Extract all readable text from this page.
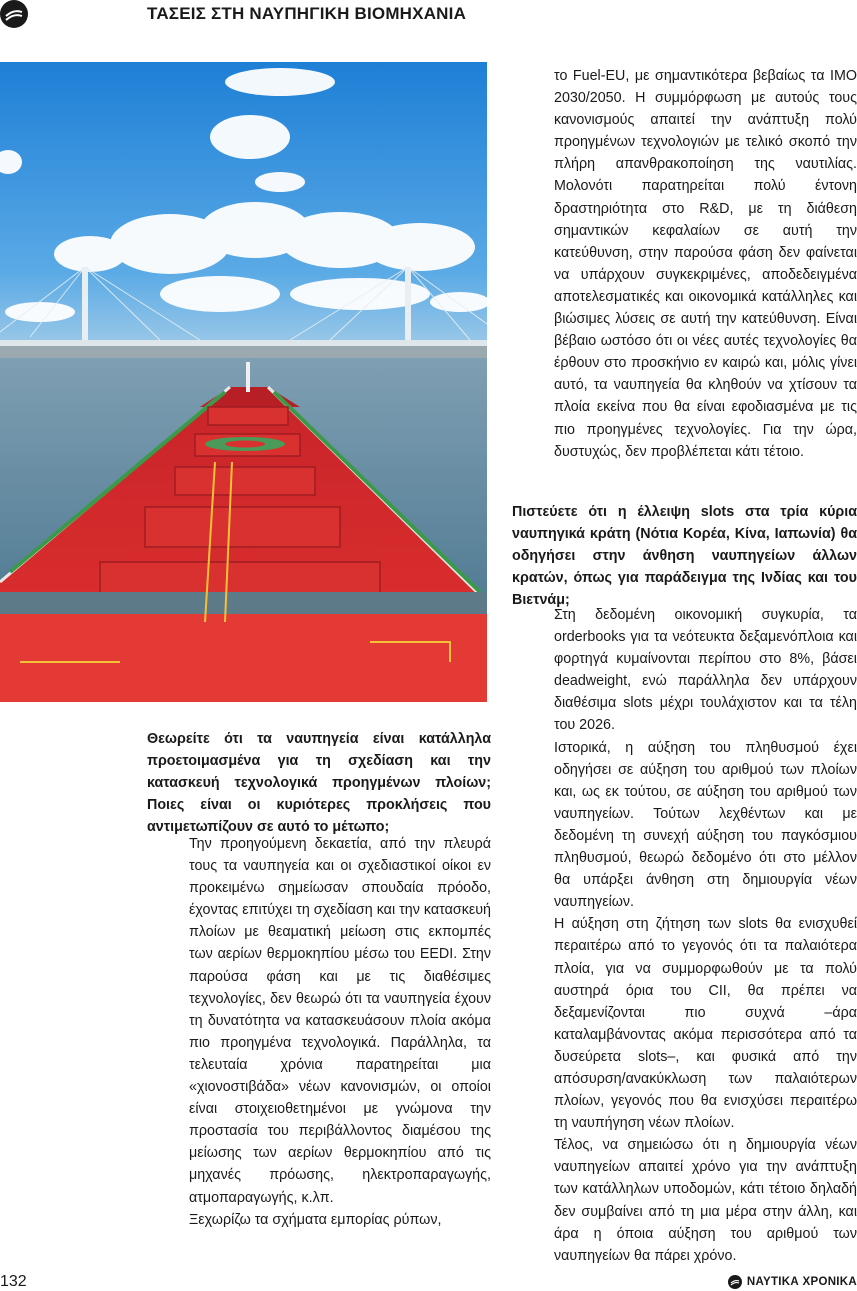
ΤΑΣΕΙΣ ΣΤΗ ΝΑΥΠΗΓΙΚΗ ΒΙΟΜΗΧΑΝΙΑ

Θεωρείτε ότι τα ναυπηγεία είναι κατάλληλα προετοιμασμένα για τη σχεδίαση και την κατασκευή τεχνολογικά προηγμένων πλοίων; Ποιες είναι οι κυριότερες προκλήσεις που αντιμετωπίζουν σε αυτό το μέτωπο;

Την προηγούμενη δεκαετία, από την πλευρά τους τα ναυπηγεία και οι σχεδιαστικοί οίκοι εν προκειμένω σημείωσαν σπουδαία πρόοδο, έχοντας επιτύχει τη σχεδίαση και την κατασκευή πλοίων με θεαματική μείωση στις εκπομπές των αερίων θερμοκηπίου μέσω του EEDI. Στην παρούσα φάση και με τις διαθέσιμες τεχνολογίες, δεν θεωρώ ότι τα ναυπηγεία έχουν τη δυνατότητα να κατασκευάσουν πλοία ακόμα πιο προηγμένα τεχνολογικά. Παράλληλα, τα τελευταία χρόνια παρατηρείται μια «χιονοστιβάδα» νέων κανονισμών, οι οποίοι είναι στοιχειοθετημένοι με γνώμονα την προστασία του περιβάλλοντος διαμέσου της μείωσης των αερίων θερμοκηπίου από τις μηχανές πρόωσης, ηλεκτροπαραγωγής, ατμοπαραγωγής, κ.λπ.

Ξεχωρίζω τα σχήματα εμπορίας ρύπων,

το Fuel-EU, με σημαντικότερα βεβαίως τα IMO 2030/2050. Η συμμόρφωση με αυτούς τους κανονισμούς απαιτεί την ανάπτυξη πολύ προηγμένων τεχνολογιών με τελικό σκοπό την πλήρη απανθρακοποίηση της ναυτιλίας. Μολονότι παρατηρείται πολύ έντονη δραστηριότητα στο R&D, με τη διάθεση σημαντικών κεφαλαίων σε αυτή την κατεύθυνση, στην παρούσα φάση δεν φαίνεται να υπάρχουν συγκεκριμένες, αποδεδειγμένα αποτελεσματικές και οικονομικά κατάλληλες και βιώσιμες λύσεις σε αυτή την κατεύθυνση. Είναι βέβαιο ωστόσο ότι οι νέες αυτές τεχνολογίες θα έρθουν στο προσκήνιο εν καιρώ και, μόλις γίνει αυτό, τα ναυπηγεία θα κληθούν να χτίσουν τα πλοία εκείνα που θα είναι εφοδιασμένα με τις πιο προηγμένες τεχνολογίες. Για την ώρα, δυστυχώς, δεν προβλέπεται κάτι τέτοιο.

Πιστεύετε ότι η έλλειψη slots στα τρία κύρια ναυπηγικά κράτη (Νότια Κορέα, Κίνα, Ιαπωνία) θα οδηγήσει στην άνθηση ναυπηγείων άλλων κρατών, όπως για παράδειγμα της Ινδίας και του Βιετνάμ;

Στη δεδομένη οικονομική συγκυρία, τα orderbooks για τα νεότευκτα δεξαμενόπλοια και φορτηγά κυμαίνονται περίπου στο 8%, βάσει deadweight, ενώ παράλληλα δεν υπάρχουν διαθέσιμα slots μέχρι τουλάχιστον και τα τέλη του 2026.

Ιστορικά, η αύξηση του πληθυσμού έχει οδηγήσει σε αύξηση του αριθμού των πλοίων και, ως εκ τούτου, σε αύξηση του αριθμού των ναυπηγείων. Τούτων λεχθέντων και με δεδομένη τη συνεχή αύξηση του παγκόσμιου πληθυσμού, θεωρώ δεδομένο ότι στο μέλλον θα υπάρξει άνθηση στη δημιουργία νέων ναυπηγείων.

Η αύξηση στη ζήτηση των slots θα ενισχυθεί περαιτέρω από το γεγονός ότι τα παλαιότερα πλοία, για να συμμορφωθούν με τα πολύ αυστηρά όρια του CII, θα πρέπει να δεξαμενίζονται πιο συχνά –άρα καταλαμβάνοντας ακόμα περισσότερα από τα δυσεύρετα slots–, και φυσικά από την απόσυρση/ανακύκλωση των παλαιότερων πλοίων, γεγονός που θα ενισχύσει περαιτέρω τη ναυπήγηση νέων πλοίων.

Τέλος, να σημειώσω ότι η δημιουργία νέων ναυπηγείων απαιτεί χρόνο για την ανάπτυξη των κατάλληλων υποδομών, κάτι τέτοιο δηλαδή δεν συμβαίνει από τη μια μέρα στην άλλη, και άρα η όποια αύξηση του αριθμού των ναυπηγείων θα πάρει χρόνο.

132	ΝΑΥΤΙΚΑ ΧΡΟΝΙΚΑ
